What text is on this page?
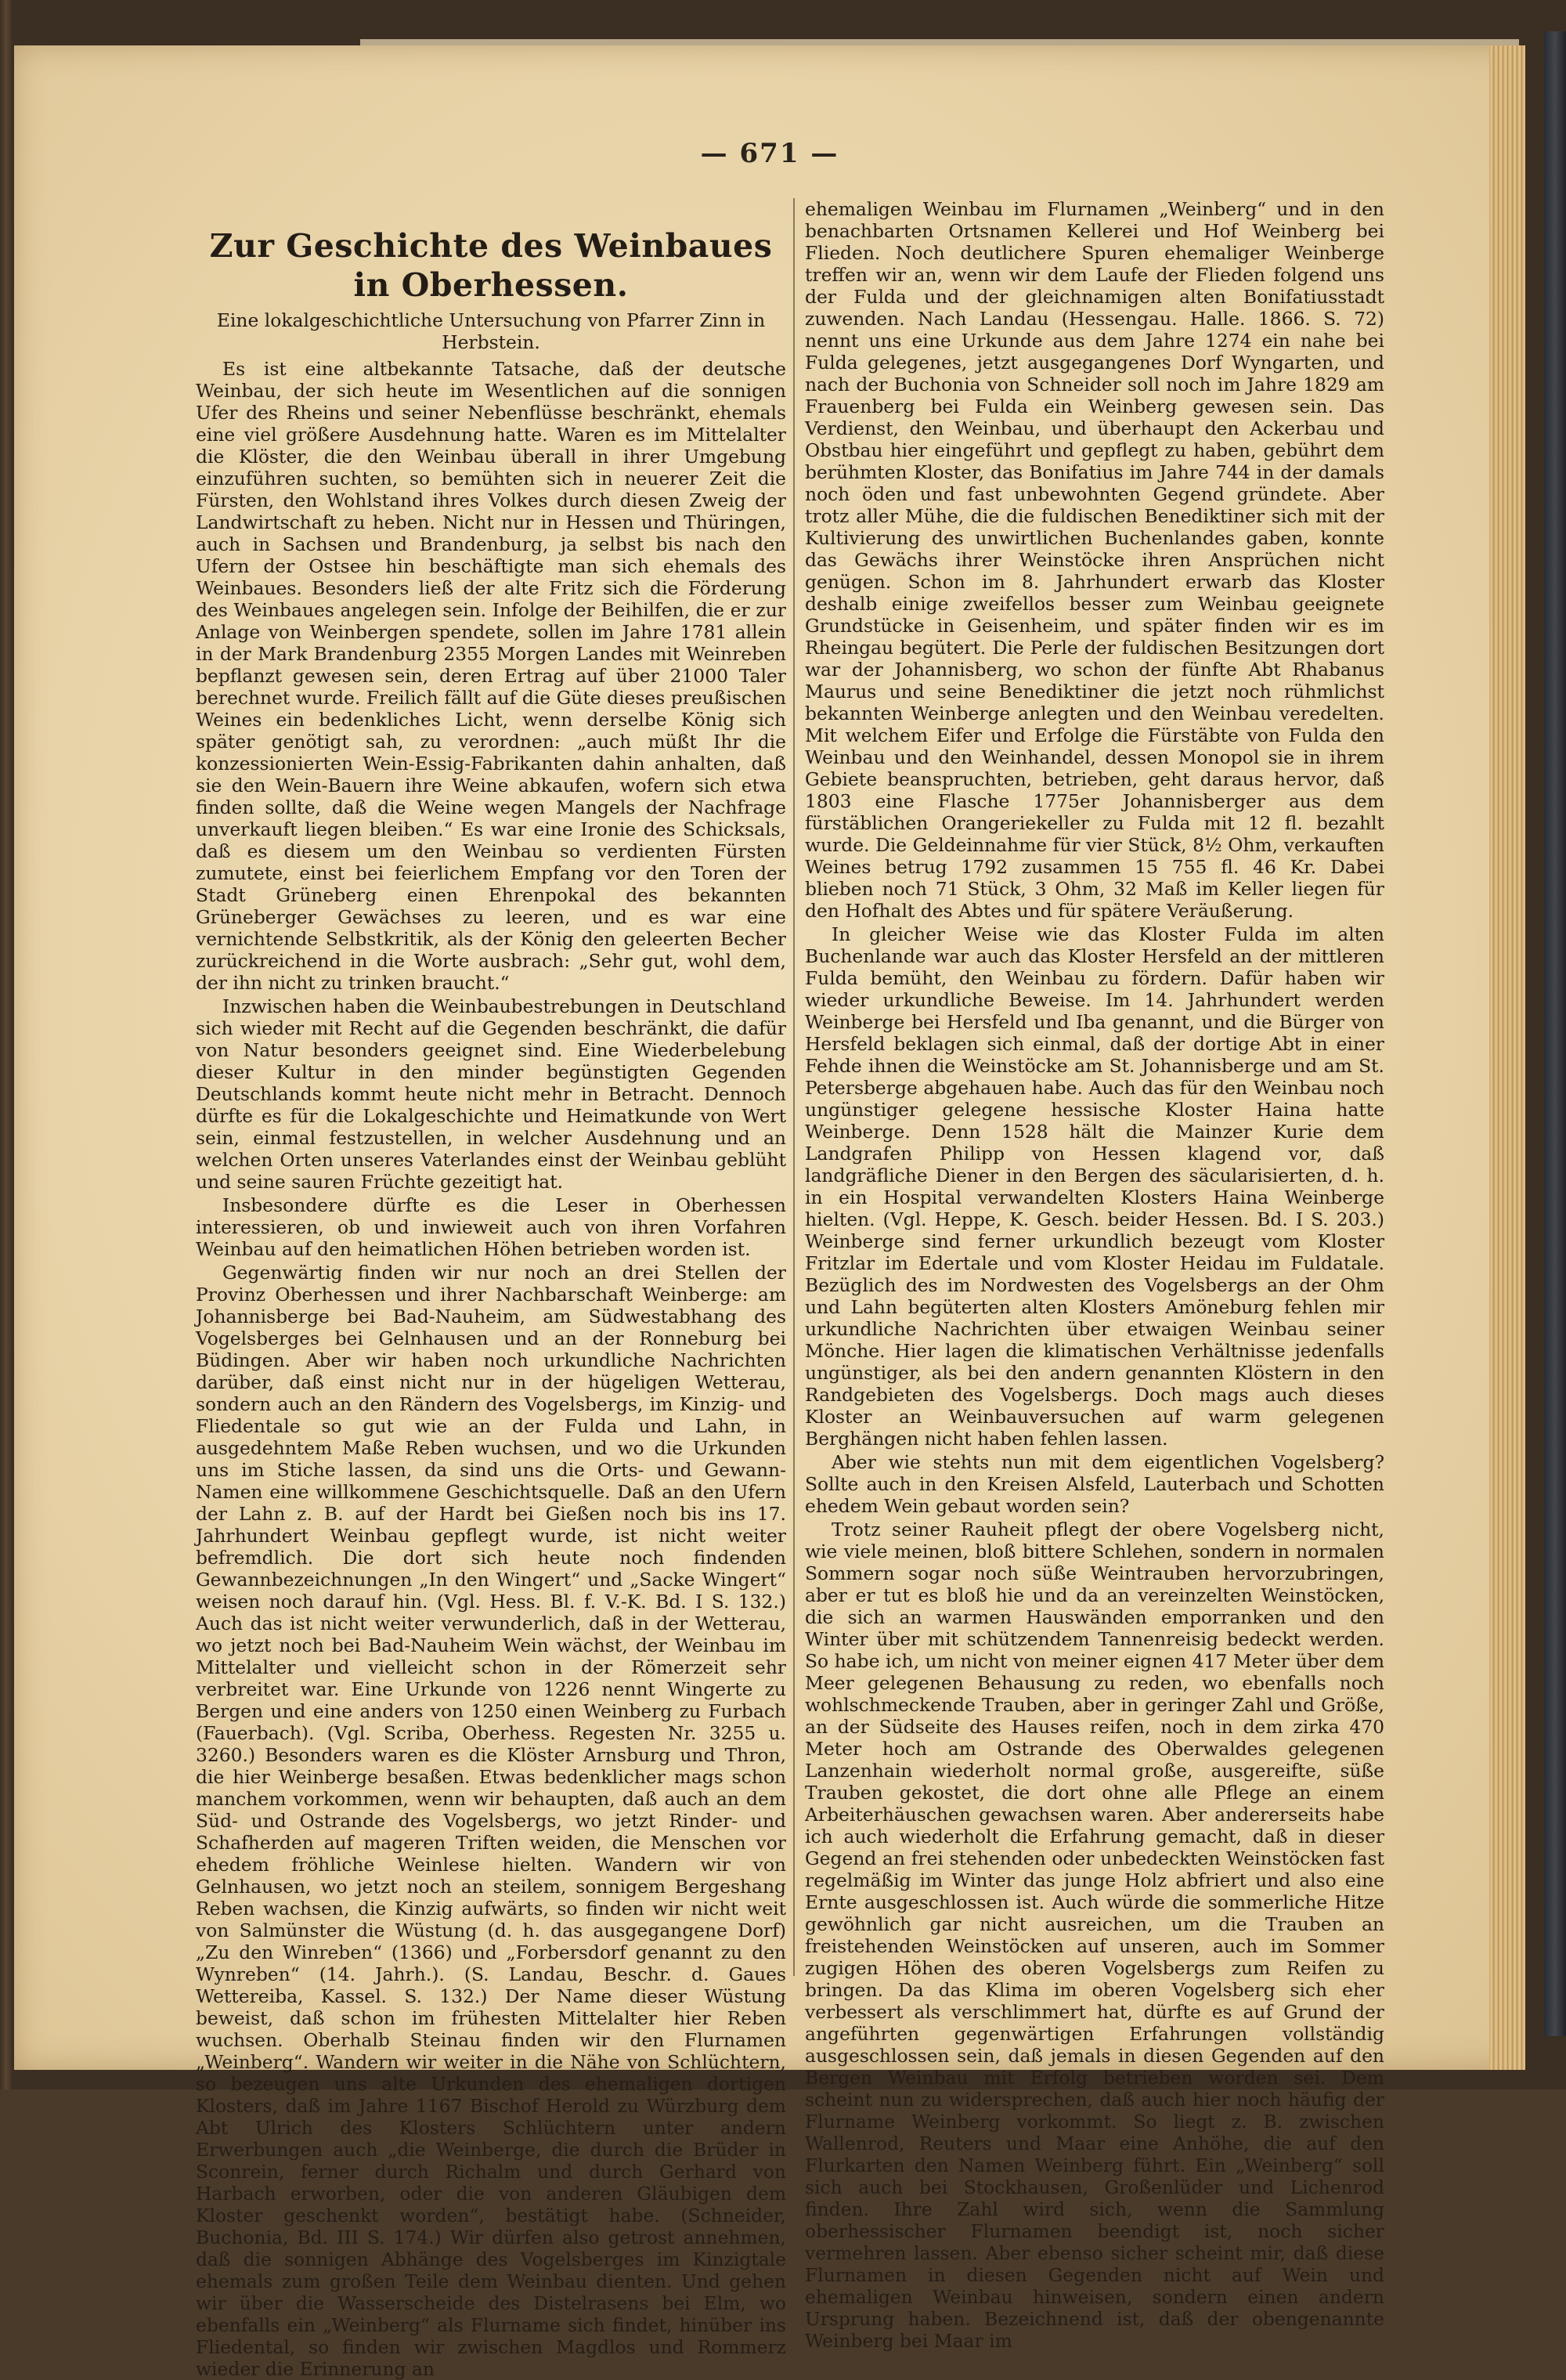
— 671 —
Zur Geschichte des Weinbaues in Oberhessen.
Eine lokalgeschichtliche Untersuchung von Pfarrer Zinn in Herbstein.

Es ist eine altbekannte Tatsache, daß der deutsche Weinbau, der sich heute im Wesentlichen auf die sonnigen Ufer des Rheins und seiner Nebenflüsse beschränkt, ehemals eine viel größere Ausdehnung hatte. Waren es im Mittelalter die Klöster, die den Weinbau überall in ihrer Umgebung einzuführen suchten, so bemühten sich in neuerer Zeit die Fürsten, den Wohlstand ihres Volkes durch diesen Zweig der Landwirtschaft zu heben. Nicht nur in Hessen und Thüringen, auch in Sachsen und Brandenburg, ja selbst bis nach den Ufern der Ostsee hin beschäftigte man sich ehemals des Weinbaues. Besonders ließ der alte Fritz sich die Förderung des Weinbaues angelegen sein. Infolge der Beihilfen, die er zur Anlage von Weinbergen spendete, sollen im Jahre 1781 allein in der Mark Brandenburg 2355 Morgen Landes mit Weinreben bepflanzt gewesen sein, deren Ertrag auf über 21000 Taler berechnet wurde. Freilich fällt auf die Güte dieses preußischen Weines ein bedenkliches Licht, wenn derselbe König sich später genötigt sah, zu verordnen: „auch müßt Ihr die konzessionierten Wein-Essig-Fabrikanten dahin anhalten, daß sie den Wein-Bauern ihre Weine abkaufen, wofern sich etwa finden sollte, daß die Weine wegen Mangels der Nachfrage unverkauft liegen bleiben.“ Es war eine Ironie des Schicksals, daß es diesem um den Weinbau so verdienten Fürsten zumutete, einst bei feierlichem Empfang vor den Toren der Stadt Grüneberg einen Ehrenpokal des bekannten Grüneberger Gewächses zu leeren, und es war eine vernichtende Selbstkritik, als der König den geleerten Becher zurückreichend in die Worte ausbrach: „Sehr gut, wohl dem, der ihn nicht zu trinken braucht.“

Inzwischen haben die Weinbaubestrebungen in Deutschland sich wieder mit Recht auf die Gegenden beschränkt, die dafür von Natur besonders geeignet sind. Eine Wiederbelebung dieser Kultur in den minder begünstigten Gegenden Deutschlands kommt heute nicht mehr in Betracht. Dennoch dürfte es für die Lokalgeschichte und Heimatkunde von Wert sein, einmal festzustellen, in welcher Ausdehnung und an welchen Orten unseres Vaterlandes einst der Weinbau geblüht und seine sauren Früchte gezeitigt hat.

Insbesondere dürfte es die Leser in Oberhessen interessieren, ob und inwieweit auch von ihren Vorfahren Weinbau auf den heimatlichen Höhen betrieben worden ist.

Gegenwärtig finden wir nur noch an drei Stellen der Provinz Oberhessen und ihrer Nachbarschaft Weinberge: am Johannisberge bei Bad-Nauheim, am Südwestabhang des Vogelsberges bei Gelnhausen und an der Ronneburg bei Büdingen. Aber wir haben noch urkundliche Nachrichten darüber, daß einst nicht nur in der hügeligen Wetterau, sondern auch an den Rändern des Vogelsbergs, im Kinzig- und Fliedentale so gut wie an der Fulda und Lahn, in ausgedehntem Maße Reben wuchsen, und wo die Urkunden uns im Stiche lassen, da sind uns die Orts- und Gewann-Namen eine willkommene Geschichtsquelle. Daß an den Ufern der Lahn z. B. auf der Hardt bei Gießen noch bis ins 17. Jahrhundert Weinbau gepflegt wurde, ist nicht weiter befremdlich. Die dort sich heute noch findenden Gewannbezeichnungen „In den Wingert“ und „Sacke Wingert“ weisen noch darauf hin. (Vgl. Hess. Bl. f. V.-K. Bd. I S. 132.) Auch das ist nicht weiter verwunderlich, daß in der Wetterau, wo jetzt noch bei Bad-Nauheim Wein wächst, der Weinbau im Mittelalter und vielleicht schon in der Römerzeit sehr verbreitet war. Eine Urkunde von 1226 nennt Wingerte zu Bergen und eine anders von 1250 einen Weinberg zu Furbach (Fauerbach). (Vgl. Scriba, Oberhess. Regesten Nr. 3255 u. 3260.) Besonders waren es die Klöster Arnsburg und Thron, die hier Weinberge besaßen. Etwas bedenklicher mags schon manchem vorkommen, wenn wir behaupten, daß auch an dem Süd- und Ostrande des Vogelsbergs, wo jetzt Rinder- und Schafherden auf mageren Triften weiden, die Menschen vor ehedem fröhliche Weinlese hielten. Wandern wir von Gelnhausen, wo jetzt noch an steilem, sonnigem Bergeshang Reben wachsen, die Kinzig aufwärts, so finden wir nicht weit von Salmünster die Wüstung (d. h. das ausgegangene Dorf) „Zu den Winreben“ (1366) und „Forbersdorf genannt zu den Wynreben“ (14. Jahrh.). (S. Landau, Beschr. d. Gaues Wettereiba, Kassel. S. 132.) Der Name dieser Wüstung beweist, daß schon im frühesten Mittelalter hier Reben wuchsen. Oberhalb Steinau finden wir den Flurnamen „Weinberg“. Wandern wir weiter in die Nähe von Schlüchtern, so bezeugen uns alte Urkunden des ehemaligen dortigen Klosters, daß im Jahre 1167 Bischof Herold zu Würzburg dem Abt Ulrich des Klosters Schlüchtern unter andern Erwerbungen auch „die Weinberge, die durch die Brüder in Sconrein, ferner durch Richalm und durch Gerhard von Harbach erworben, oder die von anderen Gläubigen dem Kloster geschenkt worden“, bestätigt habe. (Schneider, Buchonia, Bd. III S. 174.) Wir dürfen also getrost annehmen, daß die sonnigen Abhänge des Vogelsberges im Kinzigtale ehemals zum großen Teile dem Weinbau dienten. Und gehen wir über die Wasserscheide des Distelrasens bei Elm, wo ebenfalls ein „Weinberg“ als Flurname sich findet, hinüber ins Fliedental, so finden wir zwischen Magdlos und Rommerz wieder die Erinnerung an

ehemaligen Weinbau im Flurnamen „Weinberg“ und in den benachbarten Ortsnamen Kellerei und Hof Weinberg bei Flieden. Noch deutlichere Spuren ehemaliger Weinberge treffen wir an, wenn wir dem Laufe der Flieden folgend uns der Fulda und der gleichnamigen alten Bonifatiusstadt zuwenden. Nach Landau (Hessengau. Halle. 1866. S. 72) nennt uns eine Urkunde aus dem Jahre 1274 ein nahe bei Fulda gelegenes, jetzt ausgegangenes Dorf Wyngarten, und nach der Buchonia von Schneider soll noch im Jahre 1829 am Frauenberg bei Fulda ein Weinberg gewesen sein. Das Verdienst, den Weinbau, und überhaupt den Ackerbau und Obstbau hier eingeführt und gepflegt zu haben, gebührt dem berühmten Kloster, das Bonifatius im Jahre 744 in der damals noch öden und fast unbewohnten Gegend gründete. Aber trotz aller Mühe, die die fuldischen Benediktiner sich mit der Kultivierung des unwirtlichen Buchenlandes gaben, konnte das Gewächs ihrer Weinstöcke ihren Ansprüchen nicht genügen. Schon im 8. Jahrhundert erwarb das Kloster deshalb einige zweifellos besser zum Weinbau geeignete Grundstücke in Geisenheim, und später finden wir es im Rheingau begütert. Die Perle der fuldischen Besitzungen dort war der Johannisberg, wo schon der fünfte Abt Rhabanus Maurus und seine Benediktiner die jetzt noch rühmlichst bekannten Weinberge anlegten und den Weinbau veredelten. Mit welchem Eifer und Erfolge die Fürstäbte von Fulda den Weinbau und den Weinhandel, dessen Monopol sie in ihrem Gebiete beanspruchten, betrieben, geht daraus hervor, daß 1803 eine Flasche 1775er Johannisberger aus dem fürstäblichen Orangeriekeller zu Fulda mit 12 fl. bezahlt wurde. Die Geldeinnahme für vier Stück, 8½ Ohm, verkauften Weines betrug 1792 zusammen 15 755 fl. 46 Kr. Dabei blieben noch 71 Stück, 3 Ohm, 32 Maß im Keller liegen für den Hofhalt des Abtes und für spätere Veräußerung.

In gleicher Weise wie das Kloster Fulda im alten Buchenlande war auch das Kloster Hersfeld an der mittleren Fulda bemüht, den Weinbau zu fördern. Dafür haben wir wieder urkundliche Beweise. Im 14. Jahrhundert werden Weinberge bei Hersfeld und Iba genannt, und die Bürger von Hersfeld beklagen sich einmal, daß der dortige Abt in einer Fehde ihnen die Weinstöcke am St. Johannisberge und am St. Petersberge abgehauen habe. Auch das für den Weinbau noch ungünstiger gelegene hessische Kloster Haina hatte Weinberge. Denn 1528 hält die Mainzer Kurie dem Landgrafen Philipp von Hessen klagend vor, daß landgräfliche Diener in den Bergen des säcularisierten, d. h. in ein Hospital verwandelten Klosters Haina Weinberge hielten. (Vgl. Heppe, K. Gesch. beider Hessen. Bd. I S. 203.) Weinberge sind ferner urkundlich bezeugt vom Kloster Fritzlar im Edertale und vom Kloster Heidau im Fuldatale. Bezüglich des im Nordwesten des Vogelsbergs an der Ohm und Lahn begüterten alten Klosters Amöneburg fehlen mir urkundliche Nachrichten über etwaigen Weinbau seiner Mönche. Hier lagen die klimatischen Verhältnisse jedenfalls ungünstiger, als bei den andern genannten Klöstern in den Randgebieten des Vogelsbergs. Doch mags auch dieses Kloster an Weinbauversuchen auf warm gelegenen Berghängen nicht haben fehlen lassen.

Aber wie stehts nun mit dem eigentlichen Vogelsberg? Sollte auch in den Kreisen Alsfeld, Lauterbach und Schotten ehedem Wein gebaut worden sein?

Trotz seiner Rauheit pflegt der obere Vogelsberg nicht, wie viele meinen, bloß bittere Schlehen, sondern in normalen Sommern sogar noch süße Weintrauben hervorzubringen, aber er tut es bloß hie und da an vereinzelten Weinstöcken, die sich an warmen Hauswänden emporranken und den Winter über mit schützendem Tannenreisig bedeckt werden. So habe ich, um nicht von meiner eignen 417 Meter über dem Meer gelegenen Behausung zu reden, wo ebenfalls noch wohlschmeckende Trauben, aber in geringer Zahl und Größe, an der Südseite des Hauses reifen, noch in dem zirka 470 Meter hoch am Ostrande des Oberwaldes gelegenen Lanzenhain wiederholt normal große, ausgereifte, süße Trauben gekostet, die dort ohne alle Pflege an einem Arbeiterhäuschen gewachsen waren. Aber andererseits habe ich auch wiederholt die Erfahrung gemacht, daß in dieser Gegend an frei stehenden oder unbedeckten Weinstöcken fast regelmäßig im Winter das junge Holz abfriert und also eine Ernte ausgeschlossen ist. Auch würde die sommerliche Hitze gewöhnlich gar nicht ausreichen, um die Trauben an freistehenden Weinstöcken auf unseren, auch im Sommer zugigen Höhen des oberen Vogelsbergs zum Reifen zu bringen. Da das Klima im oberen Vogelsberg sich eher verbessert als verschlimmert hat, dürfte es auf Grund der angeführten gegenwärtigen Erfahrungen vollständig ausgeschlossen sein, daß jemals in diesen Gegenden auf den Bergen Weinbau mit Erfolg betrieben worden sei. Dem scheint nun zu widersprechen, daß auch hier noch häufig der Flurname Weinberg vorkommt. So liegt z. B. zwischen Wallenrod, Reuters und Maar eine Anhöhe, die auf den Flurkarten den Namen Weinberg führt. Ein „Weinberg“ soll sich auch bei Stockhausen, Großenlüder und Lichenrod finden. Ihre Zahl wird sich, wenn die Sammlung oberhessischer Flurnamen beendigt ist, noch sicher vermehren lassen. Aber ebenso sicher scheint mir, daß diese Flurnamen in diesen Gegenden nicht auf Wein und ehemaligen Weinbau hinweisen, sondern einen andern Ursprung haben. Bezeichnend ist, daß der obengenannte Weinberg bei Maar im
